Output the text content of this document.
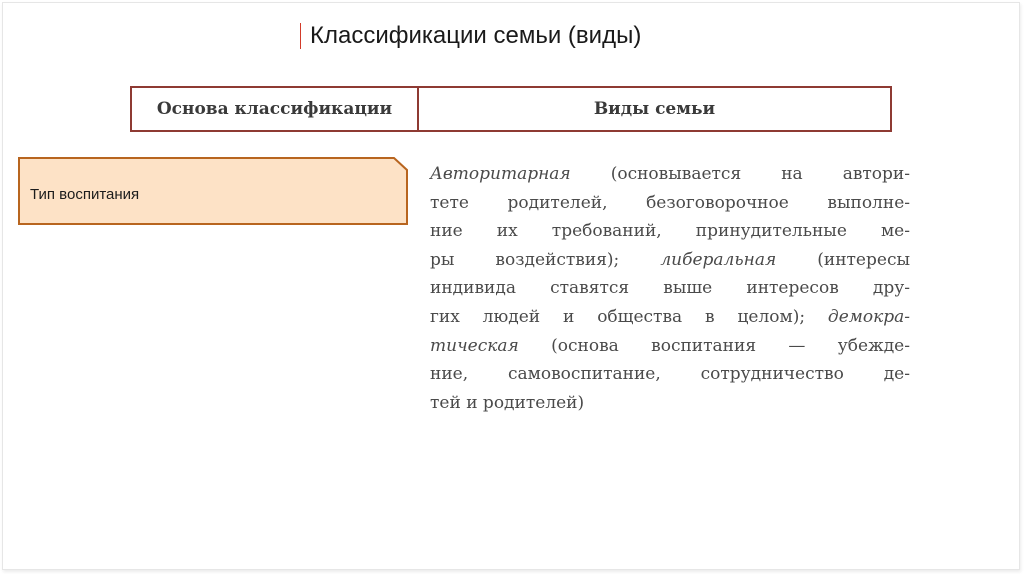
Классификации семьи (виды)
Основа классификации	Виды семьи
Тип воспитания
Авторитарная (основывается на автори-
тете родителей, безоговорочное выполне-
ние их требований, принудительные ме-
ры воздействия); либеральная (интересы
индивида ставятся выше интересов дру-
гих людей и общества в целом); демокра-
тическая (основа воспитания — убежде-
ние, самовоспитание, сотрудничество де-
тей и родителей)
